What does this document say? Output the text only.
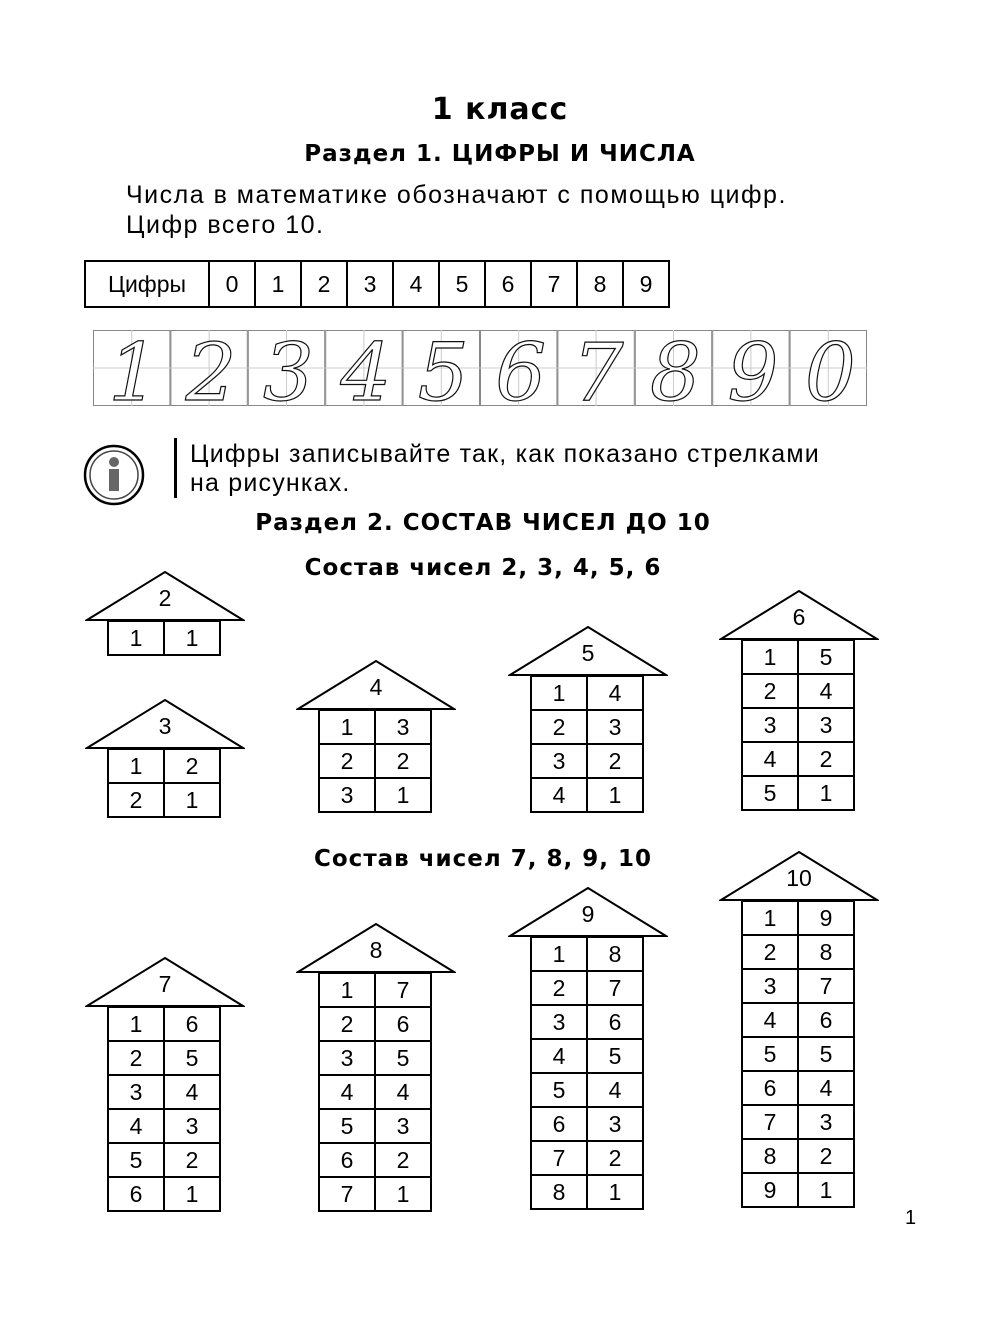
1 класс
Раздел 1. ЦИФРЫ И ЧИСЛА
Числа в математике обозначают с помощью цифр.
Цифр всего 10.
Цифры	0	1	2	3	4	5	6	7	8	9
1 2 3 4 5 6 7 8 9 0
Цифры записывайте так, как показано стрелками
на рисунках.
Раздел 2. СОСТАВ ЧИСЕЛ ДО 10
Состав чисел 2, 3, 4, 5, 6
Состав чисел 7, 8, 9, 10
2
1	1
3
1	2
2	1
4
1	3
2	2
3	1
5
1	4
2	3
3	2
4	1
6
1	5
2	4
3	3
4	2
5	1
7
1	6
2	5
3	4
4	3
5	2
6	1
8
1	7
2	6
3	5
4	4
5	3
6	2
7	1
9
1	8
2	7
3	6
4	5
5	4
6	3
7	2
8	1
10
1	9
2	8
3	7
4	6
5	5
6	4
7	3
8	2
9	1
1
